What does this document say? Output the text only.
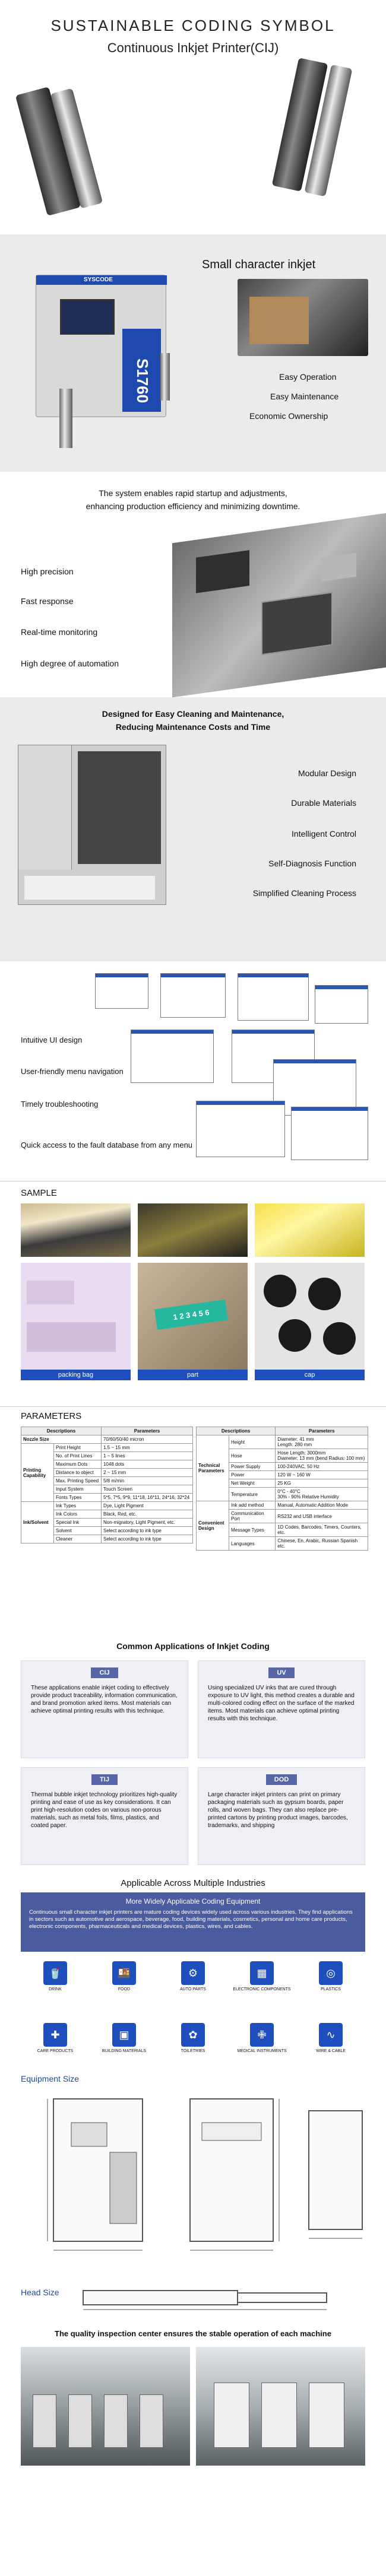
SUSTAINABLE CODING SYMBOL
Continuous Inkjet Printer(CIJ)
SYSCODE
S1760
Small character inkjet
Easy Operation
Easy Maintenance
Economic Ownership
The system enables rapid startup and adjustments,
enhancing production efficiency and minimizing downtime.
High precision
Fast response
Real-time monitoring
High degree of automation
Designed for Easy Cleaning and Maintenance,
Reducing Maintenance Costs and Time
Modular Design
Durable Materials
Intelligent Control
Self-Diagnosis Function
Simplified Cleaning Process
Intuitive UI design
User-friendly menu navigation
Timely troubleshooting
Quick access to the fault database from any menu
SAMPLE
1 2 3 4 5 6
packing bag	part	cap
PARAMETERS
Descriptions		Parameters
Nozzle Size		70/60/50/40 micron
Printing Capability	Print Height	1.5 ~ 15 mm
	No. of Print Lines	1 ~ 5 lines
	Maximum Dots	1048 dots
	Distance to object	2 ~ 15 mm
	Max. Printing Speed	5/8 m/min
	Input System	Touch Screen
	Fonts Types	5*5, 7*5, 9*9, 11*18, 16*11, 24*16, 32*24
Ink/Solvent	Ink Types	Dye, Light Pigment
	Ink Colors	Black, Red, etc.
	Special Ink	Non-migratory, Light Pigment, etc.
	Solvent	Select according to ink type
	Cleaner	Select according to ink type
Descriptions		Parameters
Technical Parameters	Height	Diameter: 41 mm
Length: 280 mm
	Hose	Hose Length: 3000mm
Diameter: 13 mm (bend Radius: 100 mm)
	Power Supply	100-240VAC, 50 Hz
	Power	120 W ~ 160 W
	Net Weight	25 KG
	Temperature	0°C - 40°C
30% - 90% Relative Humidity
Convenient Design	Ink add method	Manual, Automatic Addition Mode
	Communication Port	RS232 and USB interface
	Message Types	1D Codes, Barcodes, Timers, Counters, etc.
	Languages	Chinese, En, Arabic, Russian Spanish etc.
Common Applications of Inkjet Coding
CIJ
These applications enable inkjet coding to effectively provide product traceability, information communication, and brand promotion arked items. Most materials can achieve optimal printing results with this technique.
UV
Using specialized UV inks that are cured through exposure to UV light, this method creates a durable and multi-colored coding effect on the surface of the marked items. Most materials can achieve optimal printing results with this technique.
TIJ
Thermal bubble inkjet technology prioritizes high-quality printing and ease of use as key considerations. It can print high-resolution codes on various non-porous materials, such as metal foils, films, plastics, and coated paper.
DOD
Large character inkjet printers can print on primary packaging materials such as gypsum boards, paper rolls, and woven bags. They can also replace pre-printed cartons by printing product images, barcodes, trademarks, and shipping
Applicable Across Multiple Industries
More Widely Applicable Coding Equipment
Continuous small character inkjet printers are mature coding devices widely used across various industries. They find applications in sectors such as automotive and aerospace, beverage, food, building materials, cosmetics, personal and home care products, electronic components, pharmaceuticals and medical devices, plastics, wires, and cables.
🥤
DRINK
🍱
FOOD
⚙
AUTO PARTS
▦
ELECTRONIC COMPONENTS
◎
PLASTICS
✚
CARE PRODUCTS
▣
BUILDING MATERIALS
✿
TOILETRIES
✙
MEDICAL INSTRUMENTS
∿
WIRE & CABLE
Equipment Size
Head Size
The quality inspection center ensures the stable operation of each machine
